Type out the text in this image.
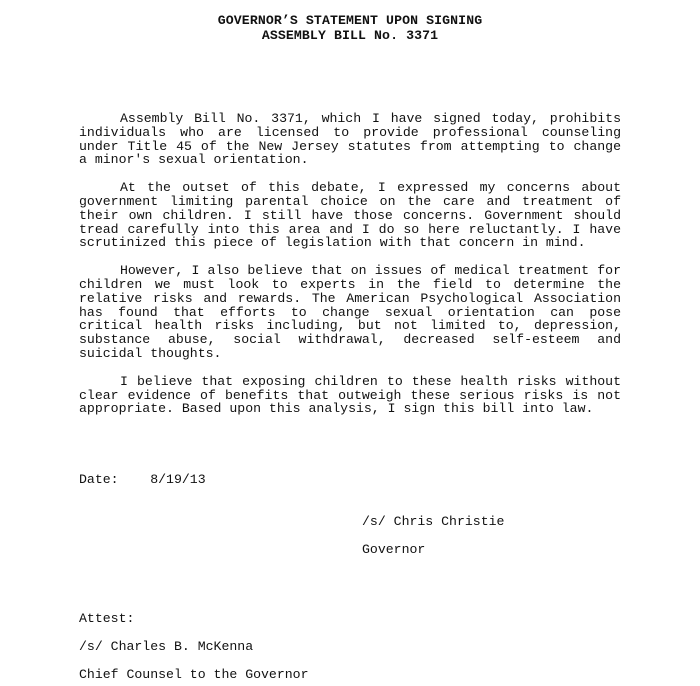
GOVERNOR’S STATEMENT UPON SIGNING
ASSEMBLY BILL No. 3371

Assembly Bill No. 3371, which I have signed today, prohibits individuals who are licensed to provide professional counseling under Title 45 of the New Jersey statutes from attempting to change a minor's sexual orientation.

At the outset of this debate, I expressed my concerns about government limiting parental choice on the care and treatment of their own children. I still have those concerns. Government should tread carefully into this area and I do so here reluctantly. I have scrutinized this piece of legislation with that concern in mind.

However, I also believe that on issues of medical treatment for children we must look to experts in the field to determine the relative risks and rewards. The American Psychological Association has found that efforts to change sexual orientation can pose critical health risks including, but not limited to, depression, substance abuse, social withdrawal, decreased self-esteem and suicidal thoughts.

I believe that exposing children to these health risks without clear evidence of benefits that outweigh these serious risks is not appropriate. Based upon this analysis, I sign this bill into law.

Date: 8/19/13
/s/ Chris Christie
Governor
Attest:
/s/ Charles B. McKenna
Chief Counsel to the Governor
